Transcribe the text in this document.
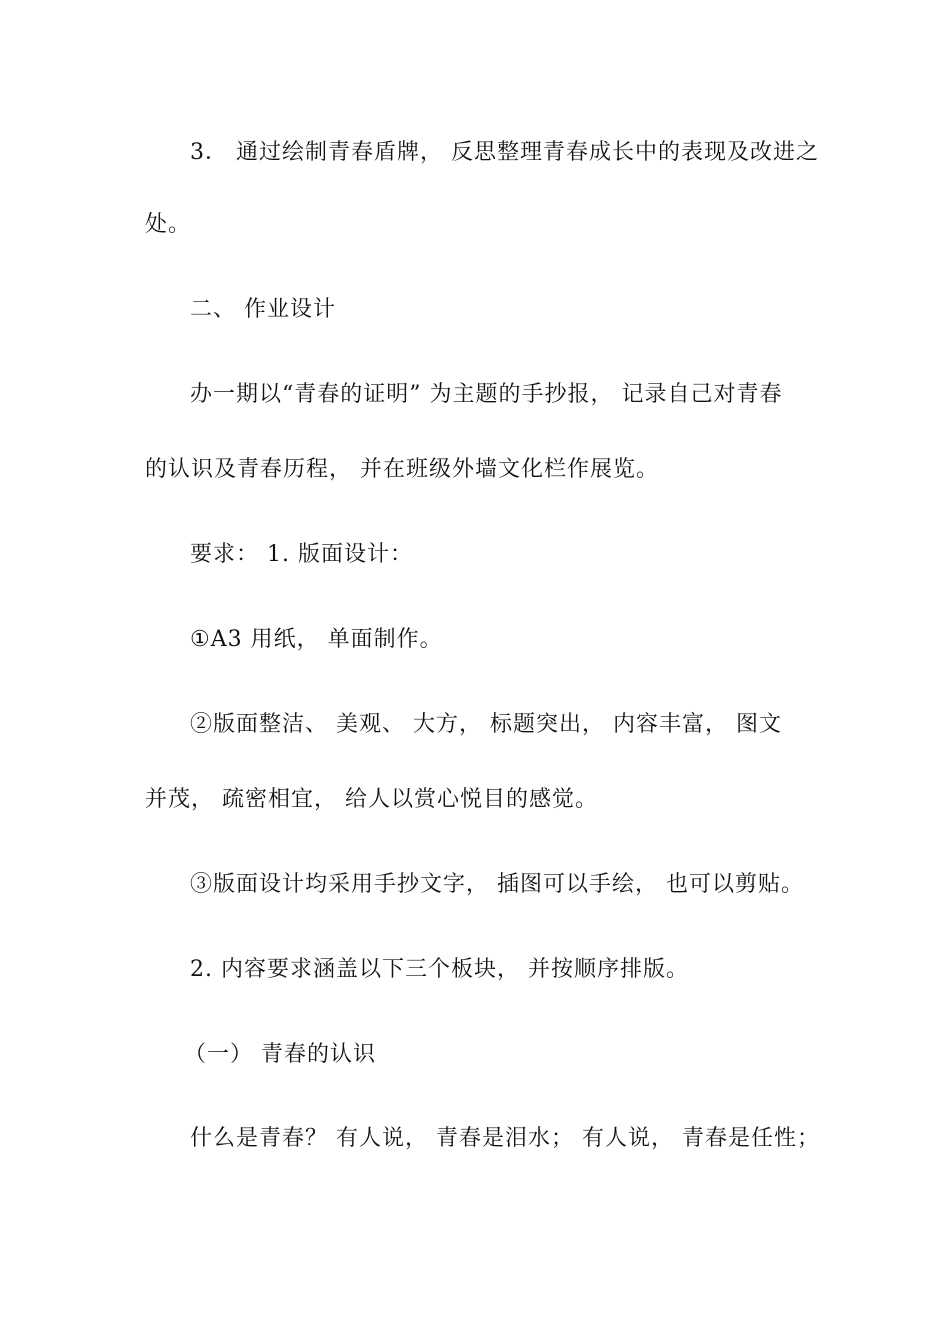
3． 通过绘制青春盾牌， 反思整理青春成长中的表现及改进之
处。
二、 作业设计
办一期以“青春的证明” 为主题的手抄报， 记录自己对青春
的认识及青春历程， 并在班级外墙文化栏作展览。
要求： 1. 版面设计：
①A3 用纸， 单面制作。
②版面整洁、 美观、 大方， 标题突出， 内容丰富， 图文
并茂， 疏密相宜， 给人以赏心悦目的感觉。
③版面设计均采用手抄文字， 插图可以手绘， 也可以剪贴。
2. 内容要求涵盖以下三个板块， 并按顺序排版。
（一） 青春的认识
什么是青春？ 有人说， 青春是泪水； 有人说， 青春是任性；
